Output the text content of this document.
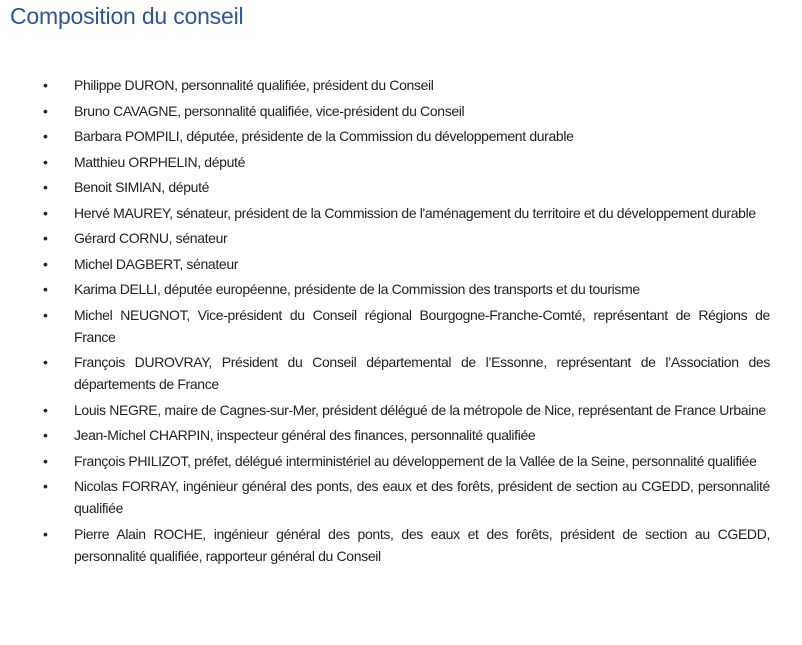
Composition du conseil
• Philippe DURON, personnalité qualifiée, président du Conseil
• Bruno CAVAGNE, personnalité qualifiée, vice-président du Conseil
• Barbara POMPILI, députée, présidente de la Commission du développement durable
• Matthieu ORPHELIN, député
• Benoit SIMIAN, député
• Hervé MAUREY, sénateur, président de la Commission de l'aménagement du territoire et du développement durable
• Gérard CORNU, sénateur
• Michel DAGBERT, sénateur
• Karima DELLI, députée européenne, présidente de la Commission des transports et du tourisme
• Michel NEUGNOT, Vice-président du Conseil régional Bourgogne-Franche-Comté, représentant de Régions de France
• François DUROVRAY, Président du Conseil départemental de l’Essonne, représentant de l’Association des départements de France
• Louis NEGRE, maire de Cagnes-sur-Mer, président délégué de la métropole de Nice, représentant de France Urbaine
• Jean-Michel CHARPIN, inspecteur général des finances, personnalité qualifiée
• François PHILIZOT, préfet, délégué interministériel au développement de la Vallée de la Seine, personnalité qualifiée
• Nicolas FORRAY, ingénieur général des ponts, des eaux et des forêts, président de section au CGEDD, personnalité qualifiée
• Pierre Alain ROCHE, ingénieur général des ponts, des eaux et des forêts, président de section au CGEDD, personnalité qualifiée, rapporteur général du Conseil
